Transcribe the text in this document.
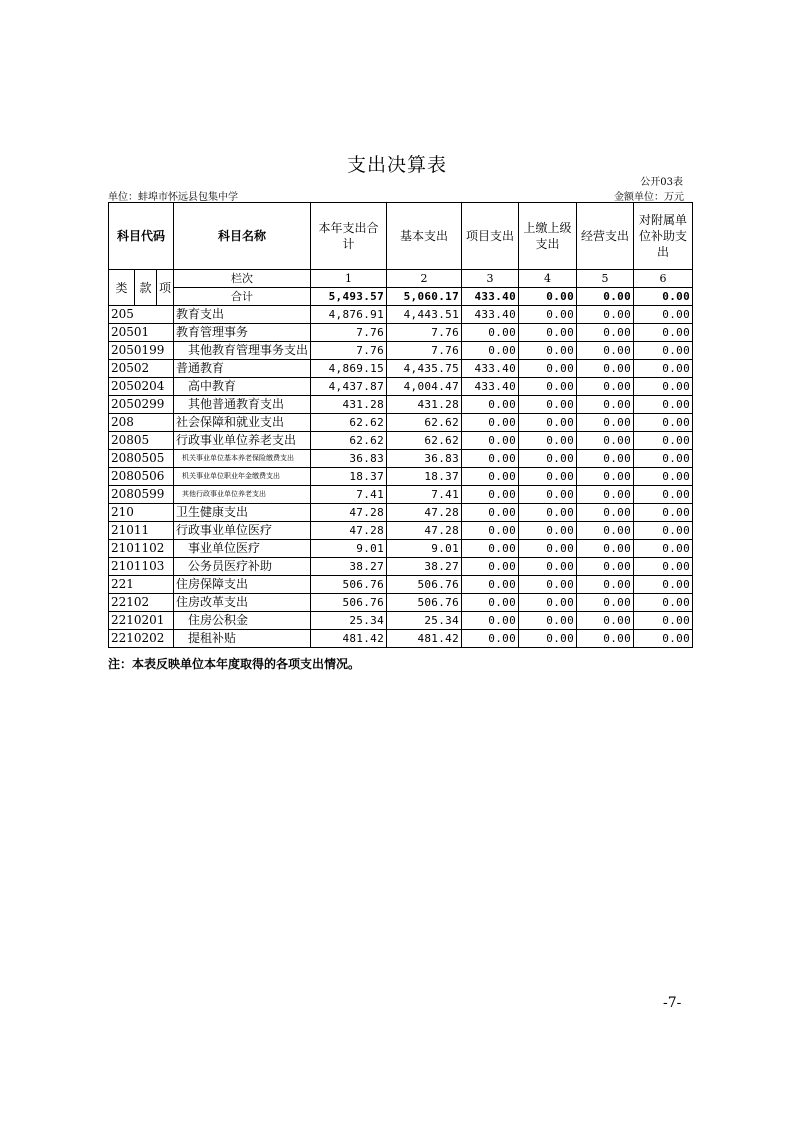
支出决算表
公开03表
单位：蚌埠市怀远县包集中学	金额单位：万元
科目代码			科目名称	本年支出合计	基本支出	项目支出	上缴上级支出	经营支出	对附属单位补助支出
类	款	项	栏次	1	2	3	4	5	6
			合计	5,493.57	5,060.17	433.40	0.00	0.00	0.00
205			教育支出	4,876.91	4,443.51	433.40	0.00	0.00	0.00
20501			教育管理事务	7.76	7.76	0.00	0.00	0.00	0.00
2050199			其他教育管理事务支出	7.76	7.76	0.00	0.00	0.00	0.00
20502			普通教育	4,869.15	4,435.75	433.40	0.00	0.00	0.00
2050204			高中教育	4,437.87	4,004.47	433.40	0.00	0.00	0.00
2050299			其他普通教育支出	431.28	431.28	0.00	0.00	0.00	0.00
208			社会保障和就业支出	62.62	62.62	0.00	0.00	0.00	0.00
20805			行政事业单位养老支出	62.62	62.62	0.00	0.00	0.00	0.00
2080505			机关事业单位基本养老保险缴费支出	36.83	36.83	0.00	0.00	0.00	0.00
2080506			机关事业单位职业年金缴费支出	18.37	18.37	0.00	0.00	0.00	0.00
2080599			其他行政事业单位养老支出	7.41	7.41	0.00	0.00	0.00	0.00
210			卫生健康支出	47.28	47.28	0.00	0.00	0.00	0.00
21011			行政事业单位医疗	47.28	47.28	0.00	0.00	0.00	0.00
2101102			事业单位医疗	9.01	9.01	0.00	0.00	0.00	0.00
2101103			公务员医疗补助	38.27	38.27	0.00	0.00	0.00	0.00
221			住房保障支出	506.76	506.76	0.00	0.00	0.00	0.00
22102			住房改革支出	506.76	506.76	0.00	0.00	0.00	0.00
2210201			住房公积金	25.34	25.34	0.00	0.00	0.00	0.00
2210202			提租补贴	481.42	481.42	0.00	0.00	0.00	0.00
注：本表反映单位本年度取得的各项支出情况。
-7-
